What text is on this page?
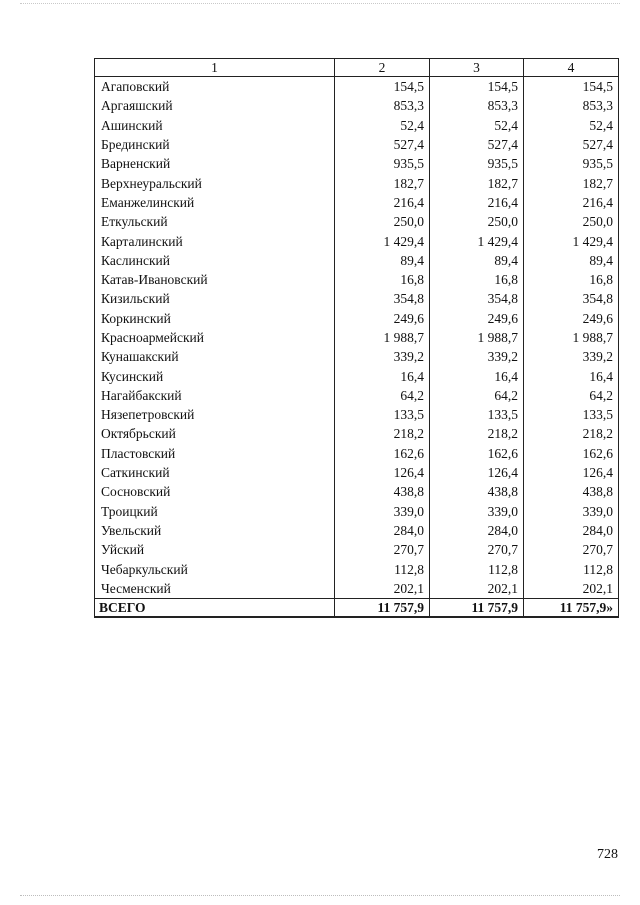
1	2	3	4
Агаповский	154,5	154,5	154,5
Аргаяшский	853,3	853,3	853,3
Ашинский	52,4	52,4	52,4
Брединский	527,4	527,4	527,4
Варненский	935,5	935,5	935,5
Верхнеуральский	182,7	182,7	182,7
Еманжелинский	216,4	216,4	216,4
Еткульский	250,0	250,0	250,0
Карталинский	1 429,4	1 429,4	1 429,4
Каслинский	89,4	89,4	89,4
Катав-Ивановский	16,8	16,8	16,8
Кизильский	354,8	354,8	354,8
Коркинский	249,6	249,6	249,6
Красноармейский	1 988,7	1 988,7	1 988,7
Кунашакский	339,2	339,2	339,2
Кусинский	16,4	16,4	16,4
Нагайбакский	64,2	64,2	64,2
Нязепетровский	133,5	133,5	133,5
Октябрьский	218,2	218,2	218,2
Пластовский	162,6	162,6	162,6
Саткинский	126,4	126,4	126,4
Сосновский	438,8	438,8	438,8
Троицкий	339,0	339,0	339,0
Увельский	284,0	284,0	284,0
Уйский	270,7	270,7	270,7
Чебаркульский	112,8	112,8	112,8
Чесменский	202,1	202,1	202,1
ВСЕГО	11 757,9	11 757,9	11 757,9»
728
